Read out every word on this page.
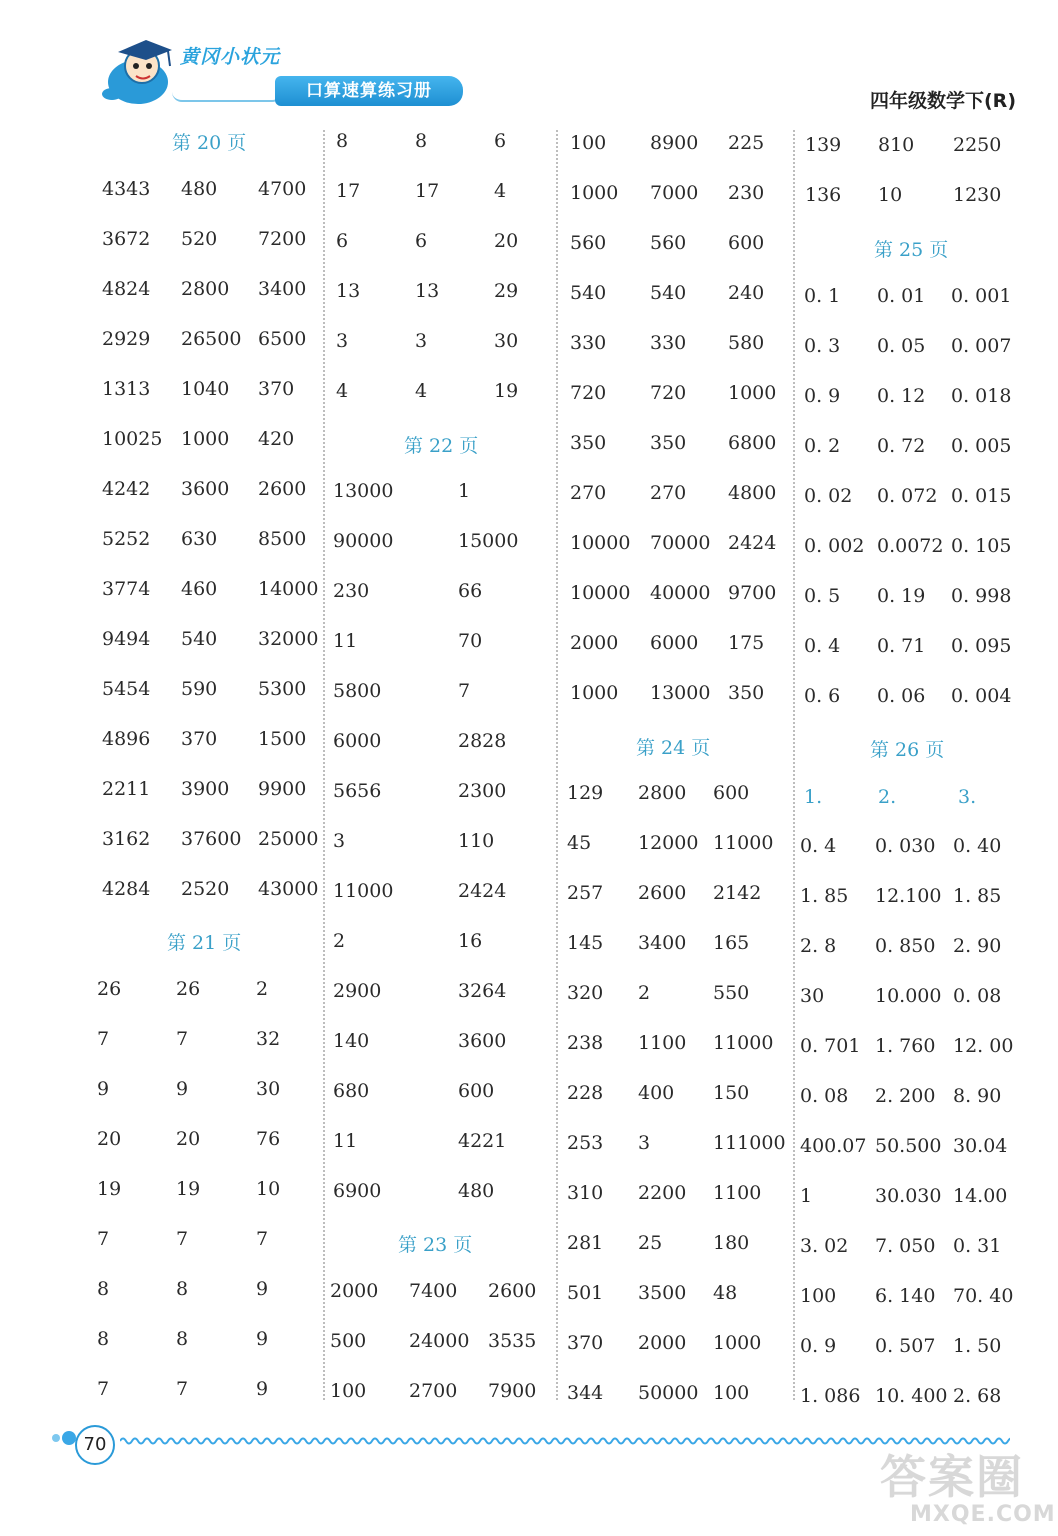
黄冈小状元
口算速算练习册	四年级数学下(R)
第 20 页
4343 480 4700
3672 520 7200
4824 2800 3400
2929 26500 6500
1313 1040 370
10025 1000 420
4242 3600 2600
5252 630 8500
3774 460 14000
9494 540 32000
5454 590 5300
4896 370 1500
2211 3900 9900
3162 37600 25000
4284 2520 43000
第 21 页
26	26	2
7	7	32
9	9	30
20	20	76
19	19	10
7	7	7
8	8	9
8	8	9
7	7	9
8	8	6
17	17	4
6	6	20
13	13	29
3	3	30
4	4	19
第 22 页
13000	1
90000	15000
230	66
11	70
5800	7
6000	2828
5656	2300
3	110
11000	2424
2	16
2900	3264
140	3600
680	600
11	4221
6900	480
第 23 页
2000 7400 2600
500 24000 3535
100 2700 7900
100 8900 225
1000 7000 230
560 560 600
540 540 240
330 330 580
720 720 1000
350 350 6800
270 270 4800
10000 70000 2424
10000 40000 9700
2000 6000 175
1000 13000 350
第 24 页
129 2800 600
45 12000 11000
257 2600 2142
145 3400 165
320 2	550
238 1100 11000
228 400 150
253 3	111000
310 2200 1100
281 25	180
501 3500 48
370 2000 1000
344 50000 100
139 810 2250
136 10	1230
第 25 页
0. 1 0. 01 0. 001
0. 3 0. 05 0. 007
0. 9 0. 12 0. 018
0. 2 0. 72 0. 005
0. 02 0. 072 0. 015
0. 002 0.0072 0. 105
0. 5 0. 19 0. 998
0. 4 0. 71 0. 095
0. 6 0. 06 0. 004
第 26 页
1.	2.	3.
0. 4 0. 030 0. 40
1. 85 12.100 1. 85
2. 8 0. 850 2. 90
30	10.000 0. 08
0. 701 1. 760 12. 00
0. 08 2. 200 8. 90
400.07 50.500 30.04
1	30.030 14.00
3. 02 7. 050 0. 31
100 6. 140 70. 40
0. 9 0. 507 1. 50
1. 086 10. 400 2. 68
70
答案圈
MXQE.COM
